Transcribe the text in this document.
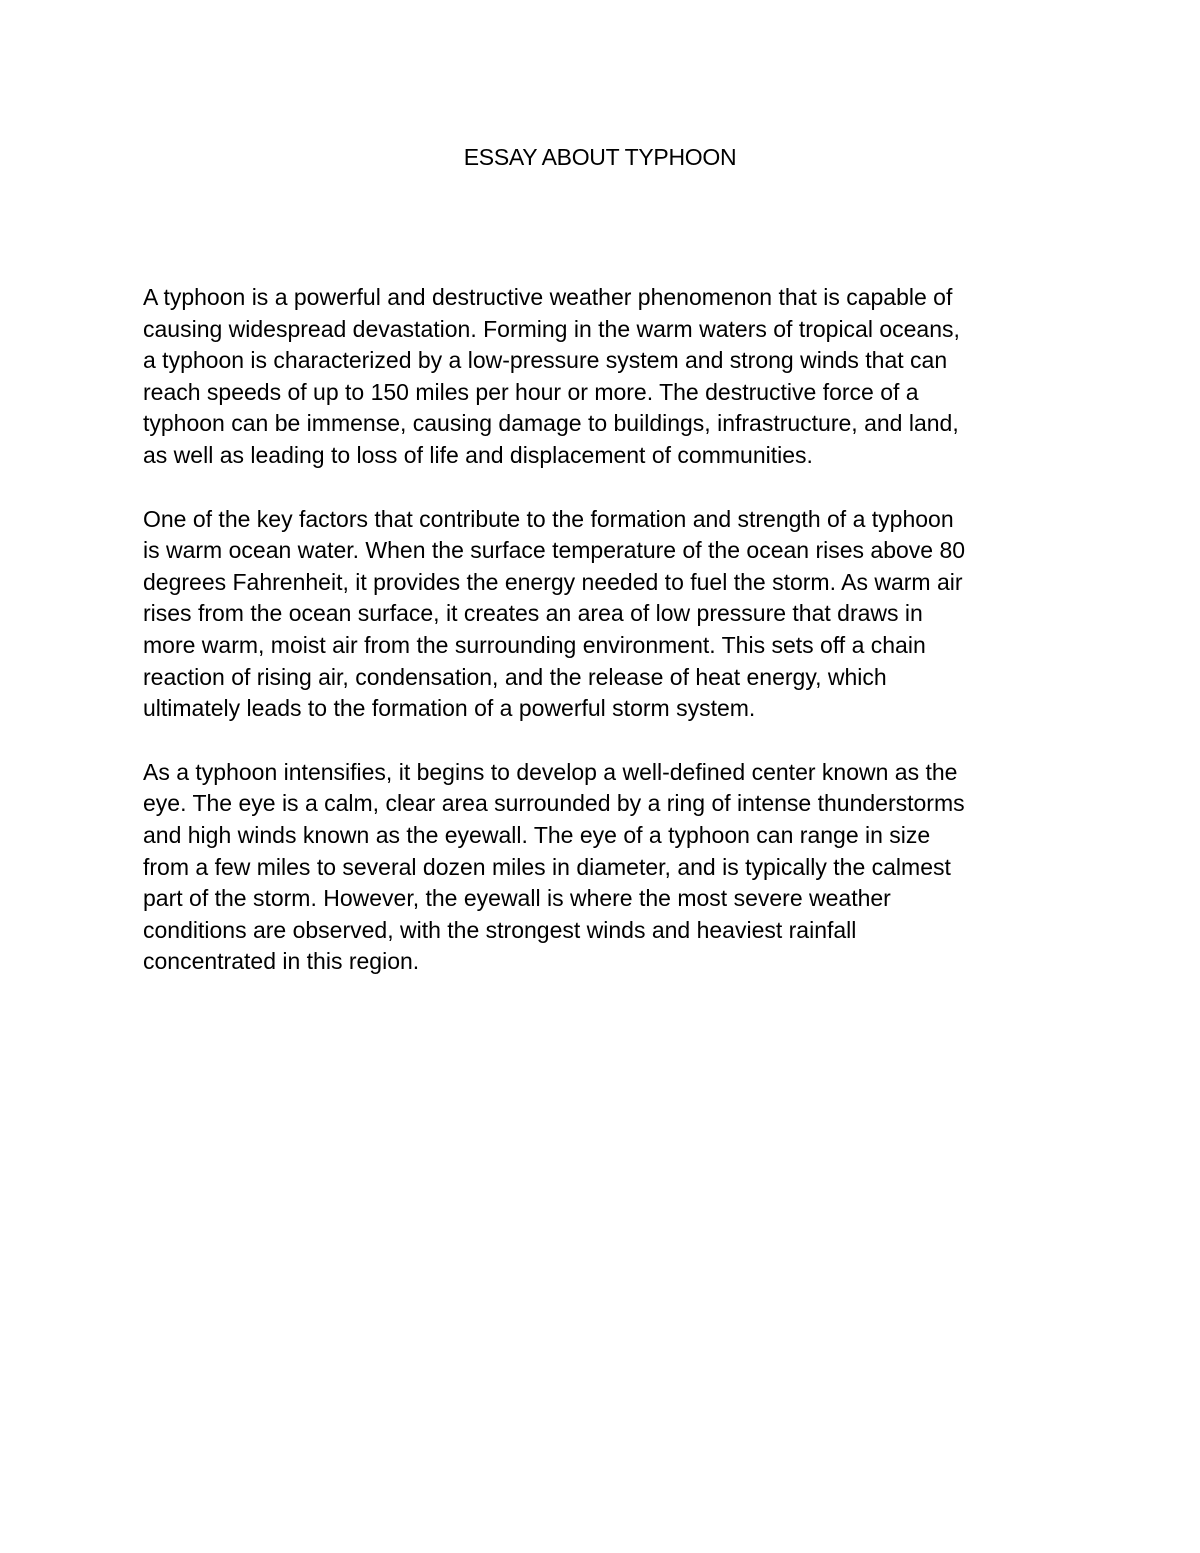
ESSAY ABOUT TYPHOON
A typhoon is a powerful and destructive weather phenomenon that is capable of
causing widespread devastation. Forming in the warm waters of tropical oceans,
a typhoon is characterized by a low-pressure system and strong winds that can
reach speeds of up to 150 miles per hour or more. The destructive force of a
typhoon can be immense, causing damage to buildings, infrastructure, and land,
as well as leading to loss of life and displacement of communities.
One of the key factors that contribute to the formation and strength of a typhoon
is warm ocean water. When the surface temperature of the ocean rises above 80
degrees Fahrenheit, it provides the energy needed to fuel the storm. As warm air
rises from the ocean surface, it creates an area of low pressure that draws in
more warm, moist air from the surrounding environment. This sets off a chain
reaction of rising air, condensation, and the release of heat energy, which
ultimately leads to the formation of a powerful storm system.
As a typhoon intensifies, it begins to develop a well-defined center known as the
eye. The eye is a calm, clear area surrounded by a ring of intense thunderstorms
and high winds known as the eyewall. The eye of a typhoon can range in size
from a few miles to several dozen miles in diameter, and is typically the calmest
part of the storm. However, the eyewall is where the most severe weather
conditions are observed, with the strongest winds and heaviest rainfall
concentrated in this region.
